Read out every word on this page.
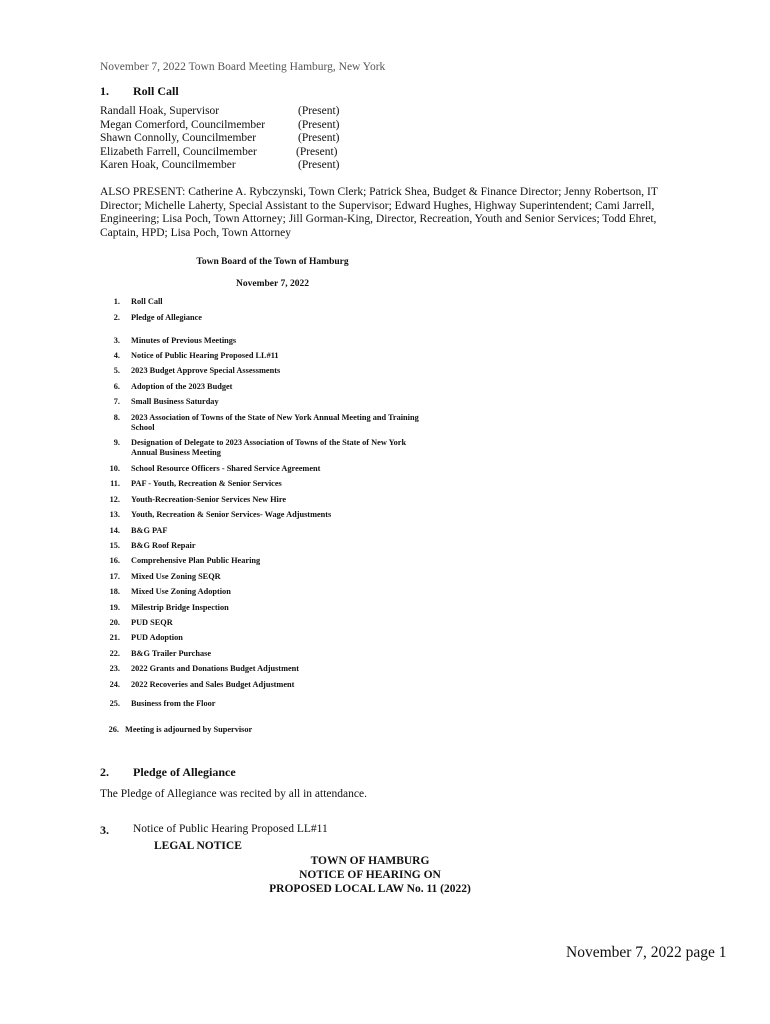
November 7, 2022 Town Board Meeting Hamburg, New York
1. Roll Call
Randall Hoak, Supervisor	(Present)
Megan Comerford, Councilmember	(Present)
Shawn Connolly, Councilmember	(Present)
Elizabeth Farrell, Councilmember	(Present)
Karen Hoak, Councilmember	(Present)
ALSO PRESENT: Catherine A. Rybczynski, Town Clerk; Patrick Shea, Budget & Finance Director; Jenny Robertson, IT Director; Michelle Laherty, Special Assistant to the Supervisor; Edward Hughes, Highway Superintendent; Cami Jarrell, Engineering; Lisa Poch, Town Attorney; Jill Gorman-King, Director, Recreation, Youth and Senior Services; Todd Ehret, Captain, HPD; Lisa Poch, Town Attorney
Town Board of the Town of Hamburg
November 7, 2022
1. Roll Call
2. Pledge of Allegiance
3. Minutes of Previous Meetings
4. Notice of Public Hearing Proposed LL#11
5. 2023 Budget Approve Special Assessments
6. Adoption of the 2023 Budget
7. Small Business Saturday
8. 2023 Association of Towns of the State of New York Annual Meeting and Training
School
9. Designation of Delegate to 2023 Association of Towns of the State of New York
Annual Business Meeting
10. School Resource Officers - Shared Service Agreement
11. PAF - Youth, Recreation & Senior Services
12. Youth-Recreation-Senior Services New Hire
13. Youth, Recreation & Senior Services- Wage Adjustments
14. B&G PAF
15. B&G Roof Repair
16. Comprehensive Plan Public Hearing
17. Mixed Use Zoning SEQR
18. Mixed Use Zoning Adoption
19. Milestrip Bridge Inspection
20. PUD SEQR
21. PUD Adoption
22. B&G Trailer Purchase
23. 2022 Grants and Donations Budget Adjustment
24. 2022 Recoveries and Sales Budget Adjustment
25. Business from the Floor
26. Meeting is adjourned by Supervisor
2. Pledge of Allegiance
The Pledge of Allegiance was recited by all in attendance.
3. Notice of Public Hearing Proposed LL#11
LEGAL NOTICE
TOWN OF HAMBURG
NOTICE OF HEARING ON
PROPOSED LOCAL LAW No. 11 (2022)
November 7, 2022 page 1
